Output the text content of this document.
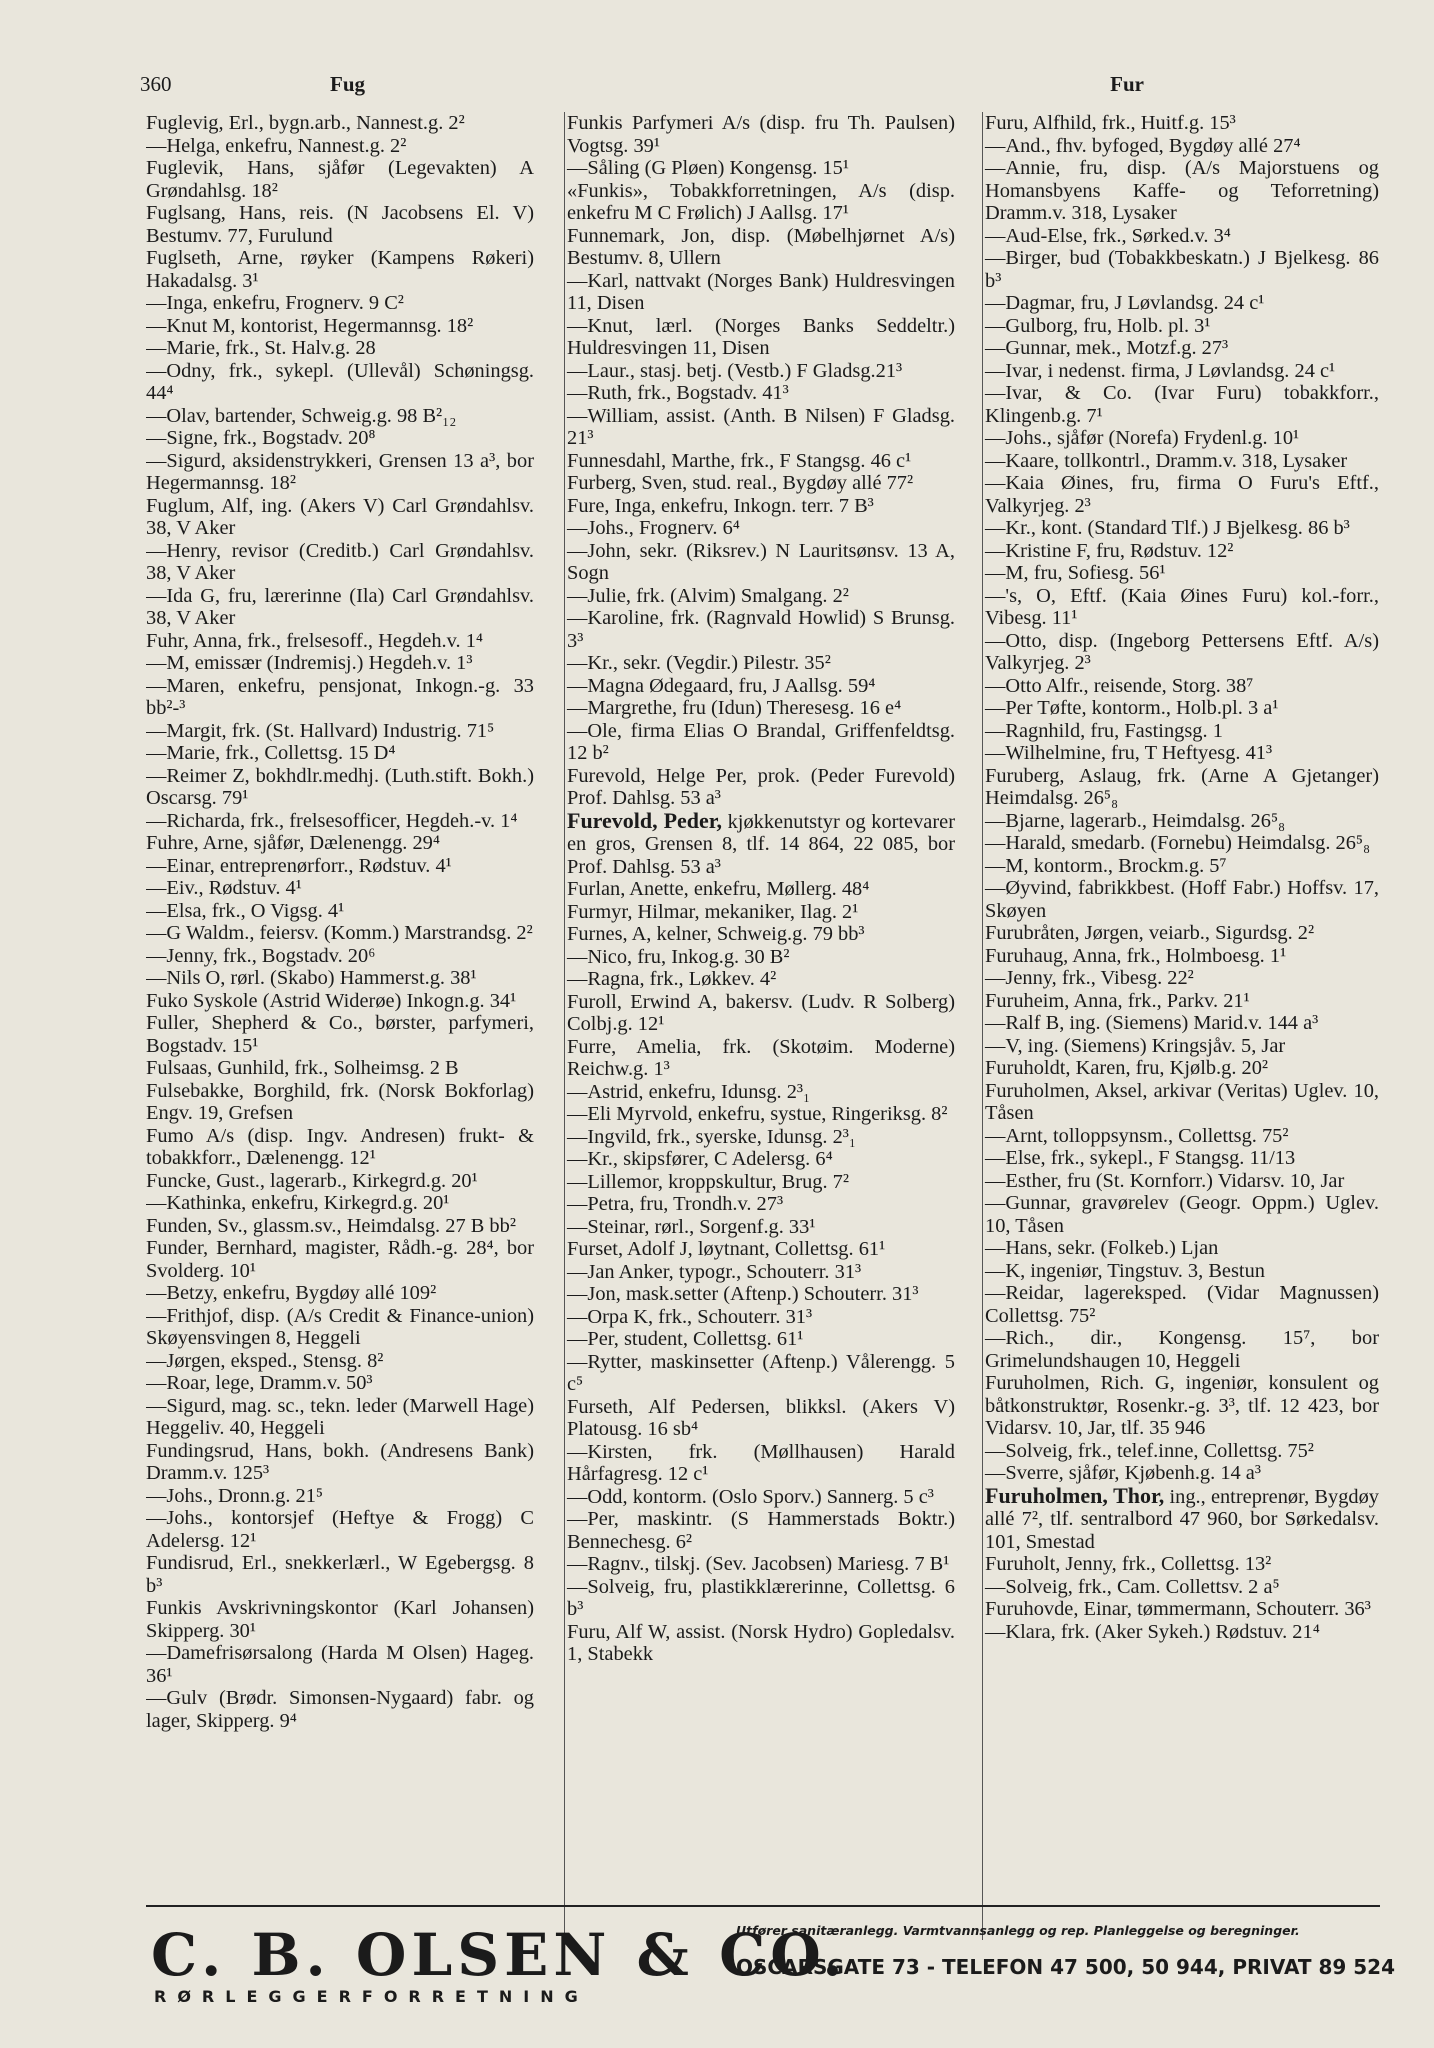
360	Fug	Fur
Fuglevig, Erl., bygn.arb., Nannest.g. 2²
—Helga, enkefru, Nannest.g. 2²
Fuglevik, Hans, sjåfør (Legevakten) A Grøndahlsg. 18²
Fuglsang, Hans, reis. (N Jacobsens El. V) Bestumv. 77, Furulund
Fuglseth, Arne, røyker (Kampens Røkeri) Hakadalsg. 3¹
—Inga, enkefru, Frognerv. 9 C²
—Knut M, kontorist, Hegermannsg. 18²
—Marie, frk., St. Halv.g. 28
—Odny, frk., sykepl. (Ullevål) Schøningsg. 44⁴
—Olav, bartender, Schweig.g. 98 B²₁₂
—Signe, frk., Bogstadv. 20⁸
—Sigurd, aksidenstrykkeri, Grensen 13 a³, bor Hegermannsg. 18²
Fuglum, Alf, ing. (Akers V) Carl Grøndahlsv. 38, V Aker
—Henry, revisor (Creditb.) Carl Grøndahlsv. 38, V Aker
—Ida G, fru, lærerinne (Ila) Carl Grøndahlsv. 38, V Aker
Fuhr, Anna, frk., frelsesoff., Hegdeh.v. 1⁴
—M, emissær (Indremisj.) Hegdeh.v. 1³
—Maren, enkefru, pensjonat, Inkogn.-g. 33 bb²-³
—Margit, frk. (St. Hallvard) Industrig. 71⁵
—Marie, frk., Collettsg. 15 D⁴
—Reimer Z, bokhdlr.medhj. (Luth.stift. Bokh.) Oscarsg. 79¹
—Richarda, frk., frelsesofficer, Hegdeh.-v. 1⁴
Fuhre, Arne, sjåfør, Dælenengg. 29⁴
—Einar, entreprenørforr., Rødstuv. 4¹
—Eiv., Rødstuv. 4¹
—Elsa, frk., O Vigsg. 4¹
—G Waldm., feiersv. (Komm.) Marstrandsg. 2²
—Jenny, frk., Bogstadv. 20⁶
—Nils O, rørl. (Skabo) Hammerst.g. 38¹
Fuko Syskole (Astrid Widerøe) Inkogn.g. 34¹
Fuller, Shepherd & Co., børster, parfymeri, Bogstadv. 15¹
Fulsaas, Gunhild, frk., Solheimsg. 2 B
Fulsebakke, Borghild, frk. (Norsk Bokforlag) Engv. 19, Grefsen
Fumo A/s (disp. Ingv. Andresen) frukt- & tobakkforr., Dælenengg. 12¹
Funcke, Gust., lagerarb., Kirkegrd.g. 20¹
—Kathinka, enkefru, Kirkegrd.g. 20¹
Funden, Sv., glassm.sv., Heimdalsg. 27 B bb²
Funder, Bernhard, magister, Rådh.-g. 28⁴, bor Svolderg. 10¹
—Betzy, enkefru, Bygdøy allé 109²
—Frithjof, disp. (A/s Credit & Finance-union) Skøyensvingen 8, Heggeli
—Jørgen, eksped., Stensg. 8²
—Roar, lege, Dramm.v. 50³
—Sigurd, mag. sc., tekn. leder (Marwell Hage) Heggeliv. 40, Heggeli
Fundingsrud, Hans, bokh. (Andresens Bank) Dramm.v. 125³
—Johs., Dronn.g. 21⁵
—Johs., kontorsjef (Heftye & Frogg) C Adelersg. 12¹
Fundisrud, Erl., snekkerlærl., W Egebergsg. 8 b³
Funkis Avskrivningskontor (Karl Johansen) Skipperg. 30¹
—Damefrisørsalong (Harda M Olsen) Hageg. 36¹
—Gulv (Brødr. Simonsen-Nygaard) fabr. og lager, Skipperg. 9⁴
Funkis Parfymeri A/s (disp. fru Th. Paulsen) Vogtsg. 39¹
—Såling (G Pløen) Kongensg. 15¹
«Funkis», Tobakkforretningen, A/s (disp. enkefru M C Frølich) J Aallsg. 17¹
Funnemark, Jon, disp. (Møbelhjørnet A/s) Bestumv. 8, Ullern
—Karl, nattvakt (Norges Bank) Huldresvingen 11, Disen
—Knut, lærl. (Norges Banks Seddeltr.) Huldresvingen 11, Disen
—Laur., stasj. betj. (Vestb.) F Gladsg.21³
—Ruth, frk., Bogstadv. 41³
—William, assist. (Anth. B Nilsen) F Gladsg. 21³
Funnesdahl, Marthe, frk., F Stangsg. 46 c¹
Furberg, Sven, stud. real., Bygdøy allé 77²
Fure, Inga, enkefru, Inkogn. terr. 7 B³
—Johs., Frognerv. 6⁴
—John, sekr. (Riksrev.) N Lauritsønsv. 13 A, Sogn
—Julie, frk. (Alvim) Smalgang. 2²
—Karoline, frk. (Ragnvald Howlid) S Brunsg. 3³
—Kr., sekr. (Vegdir.) Pilestr. 35²
—Magna Ødegaard, fru, J Aallsg. 59⁴
—Margrethe, fru (Idun) Theresesg. 16 e⁴
—Ole, firma Elias O Brandal, Griffenfeldtsg. 12 b²
Furevold, Helge Per, prok. (Peder Furevold) Prof. Dahlsg. 53 a³
Furevold, Peder, kjøkkenutstyr og kortevarer en gros, Grensen 8, tlf. 14 864, 22 085, bor Prof. Dahlsg. 53 a³
Furlan, Anette, enkefru, Møllerg. 48⁴
Furmyr, Hilmar, mekaniker, Ilag. 2¹
Furnes, A, kelner, Schweig.g. 79 bb³
—Nico, fru, Inkog.g. 30 B²
—Ragna, frk., Løkkev. 4²
Furoll, Erwind A, bakersv. (Ludv. R Solberg) Colbj.g. 12¹
Furre, Amelia, frk. (Skotøim. Moderne) Reichw.g. 1³
—Astrid, enkefru, Idunsg. 2³₁
—Eli Myrvold, enkefru, systue, Ringeriksg. 8²
—Ingvild, frk., syerske, Idunsg. 2³₁
—Kr., skipsfører, C Adelersg. 6⁴
—Lillemor, kroppskultur, Brug. 7²
—Petra, fru, Trondh.v. 27³
—Steinar, rørl., Sorgenf.g. 33¹
Furset, Adolf J, løytnant, Collettsg. 61¹
—Jan Anker, typogr., Schouterr. 31³
—Jon, mask.setter (Aftenp.) Schouterr. 31³
—Orpa K, frk., Schouterr. 31³
—Per, student, Collettsg. 61¹
—Rytter, maskinsetter (Aftenp.) Vålerengg. 5 c⁵
Furseth, Alf Pedersen, blikksl. (Akers V) Platousg. 16 sb⁴
—Kirsten, frk. (Møllhausen) Harald Hårfagresg. 12 c¹
—Odd, kontorm. (Oslo Sporv.) Sannerg. 5 c³
—Per, maskintr. (S Hammerstads Boktr.) Bennechesg. 6²
—Ragnv., tilskj. (Sev. Jacobsen) Mariesg. 7 B¹
—Solveig, fru, plastikklærerinne, Collettsg. 6 b³
Furu, Alf W, assist. (Norsk Hydro) Gopledalsv. 1, Stabekk
Furu, Alfhild, frk., Huitf.g. 15³
—And., fhv. byfoged, Bygdøy allé 27⁴
—Annie, fru, disp. (A/s Majorstuens og Homansbyens Kaffe- og Teforretning) Dramm.v. 318, Lysaker
—Aud-Else, frk., Sørked.v. 3⁴
—Birger, bud (Tobakkbeskatn.) J Bjelkesg. 86 b³
—Dagmar, fru, J Løvlandsg. 24 c¹
—Gulborg, fru, Holb. pl. 3¹
—Gunnar, mek., Motzf.g. 27³
—Ivar, i nedenst. firma, J Løvlandsg. 24 c¹
—Ivar, & Co. (Ivar Furu) tobakkforr., Klingenb.g. 7¹
—Johs., sjåfør (Norefa) Frydenl.g. 10¹
—Kaare, tollkontrl., Dramm.v. 318, Lysaker
—Kaia Øines, fru, firma O Furu's Eftf., Valkyrjeg. 2³
—Kr., kont. (Standard Tlf.) J Bjelkesg. 86 b³
—Kristine F, fru, Rødstuv. 12²
—M, fru, Sofiesg. 56¹
—'s, O, Eftf. (Kaia Øines Furu) kol.-forr., Vibesg. 11¹
—Otto, disp. (Ingeborg Pettersens Eftf. A/s) Valkyrjeg. 2³
—Otto Alfr., reisende, Storg. 38⁷
—Per Tøfte, kontorm., Holb.pl. 3 a¹
—Ragnhild, fru, Fastingsg. 1
—Wilhelmine, fru, T Heftyesg. 41³
Furuberg, Aslaug, frk. (Arne A Gjetanger) Heimdalsg. 26⁵₈
—Bjarne, lagerarb., Heimdalsg. 26⁵₈
—Harald, smedarb. (Fornebu) Heimdalsg. 26⁵₈
—M, kontorm., Brockm.g. 5⁷
—Øyvind, fabrikkbest. (Hoff Fabr.) Hoffsv. 17, Skøyen
Furubråten, Jørgen, veiarb., Sigurdsg. 2²
Furuhaug, Anna, frk., Holmboesg. 1¹
—Jenny, frk., Vibesg. 22²
Furuheim, Anna, frk., Parkv. 21¹
—Ralf B, ing. (Siemens) Marid.v. 144 a³
—V, ing. (Siemens) Kringsjåv. 5, Jar
Furuholdt, Karen, fru, Kjølb.g. 20²
Furuholmen, Aksel, arkivar (Veritas) Uglev. 10, Tåsen
—Arnt, tolloppsynsm., Collettsg. 75²
—Else, frk., sykepl., F Stangsg. 11/13
—Esther, fru (St. Kornforr.) Vidarsv. 10, Jar
—Gunnar, gravørelev (Geogr. Oppm.) Uglev. 10, Tåsen
—Hans, sekr. (Folkeb.) Ljan
—K, ingeniør, Tingstuv. 3, Bestun
—Reidar, lagereksped. (Vidar Magnussen) Collettsg. 75²
—Rich., dir., Kongensg. 15⁷, bor Grimelundshaugen 10, Heggeli
Furuholmen, Rich. G, ingeniør, konsulent og båtkonstruktør, Rosenkr.-g. 3³, tlf. 12 423, bor Vidarsv. 10, Jar, tlf. 35 946
—Solveig, frk., telef.inne, Collettsg. 75²
—Sverre, sjåfør, Kjøbenh.g. 14 a³
Furuholmen, Thor, ing., entreprenør, Bygdøy allé 7², tlf. sentralbord 47 960, bor Sørkedalsv. 101, Smestad
Furuholt, Jenny, frk., Collettsg. 13²
—Solveig, frk., Cam. Collettsv. 2 a⁵
Furuhovde, Einar, tømmermann, Schouterr. 36³
—Klara, frk. (Aker Sykeh.) Rødstuv. 21⁴
C. B. OLSEN & CO.
RØRLEGGERFORRETNING
Utfører sanitæranlegg. Varmtvannsanlegg og rep. Planleggelse og beregninger.
OSCARSGATE 73 - TELEFON 47 500, 50 944, PRIVAT 89 524
